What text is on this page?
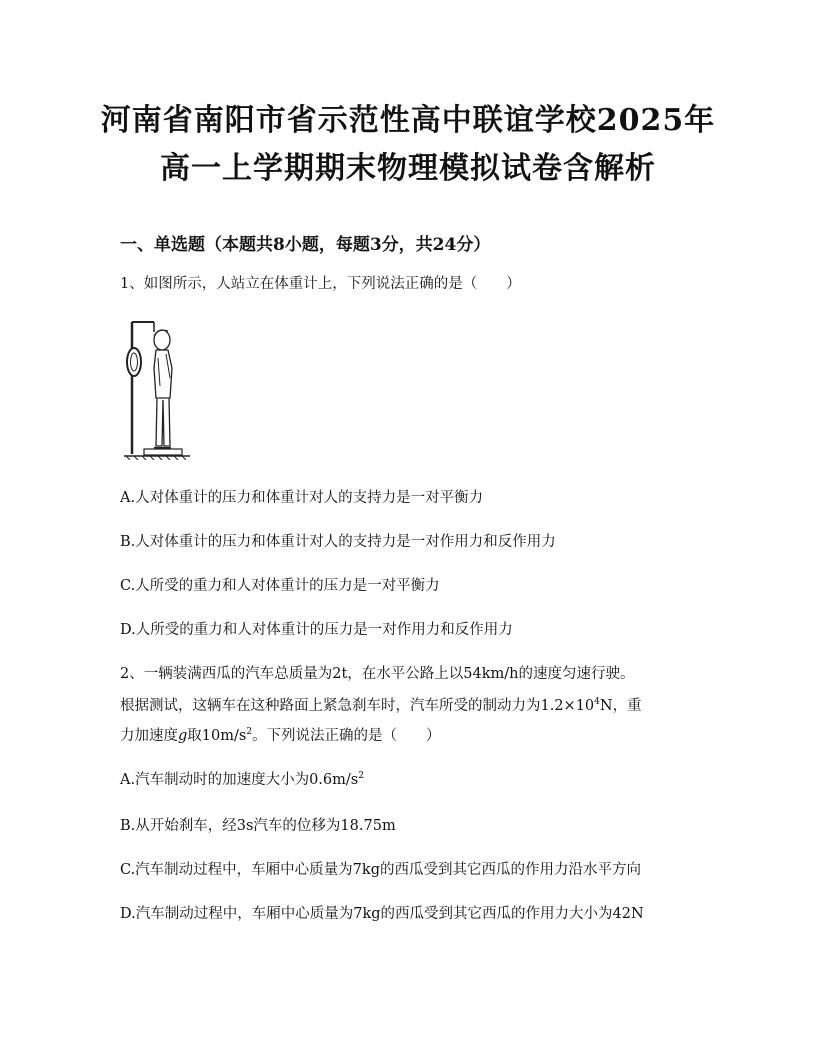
河南省南阳市省示范性高中联谊学校2025年
高一上学期期末物理模拟试卷含解析

一、单选题（本题共8小题，每题3分，共24分）

1、如图所示，人站立在体重计上，下列说法正确的是（　　）

A.人对体重计的压力和体重计对人的支持力是一对平衡力

B.人对体重计的压力和体重计对人的支持力是一对作用力和反作用力

C.人所受的重力和人对体重计的压力是一对平衡力

D.人所受的重力和人对体重计的压力是一对作用力和反作用力

2、一辆装满西瓜的汽车总质量为2t，在水平公路上以54km/h的速度匀速行驶。

根据测试，这辆车在这种路面上紧急刹车时，汽车所受的制动力为$1.2\times 10^4N$，重

力加速度g取$10m/s^2$。下列说法正确的是（　　）

A.汽车制动时的加速度大小为$0.6m/s^2$

B.从开始刹车，经3s汽车的位移为18.75m

C.汽车制动过程中，车厢中心质量为7kg的西瓜受到其它西瓜的作用力沿水平方向

D.汽车制动过程中，车厢中心质量为7kg的西瓜受到其它西瓜的作用力大小为42N
